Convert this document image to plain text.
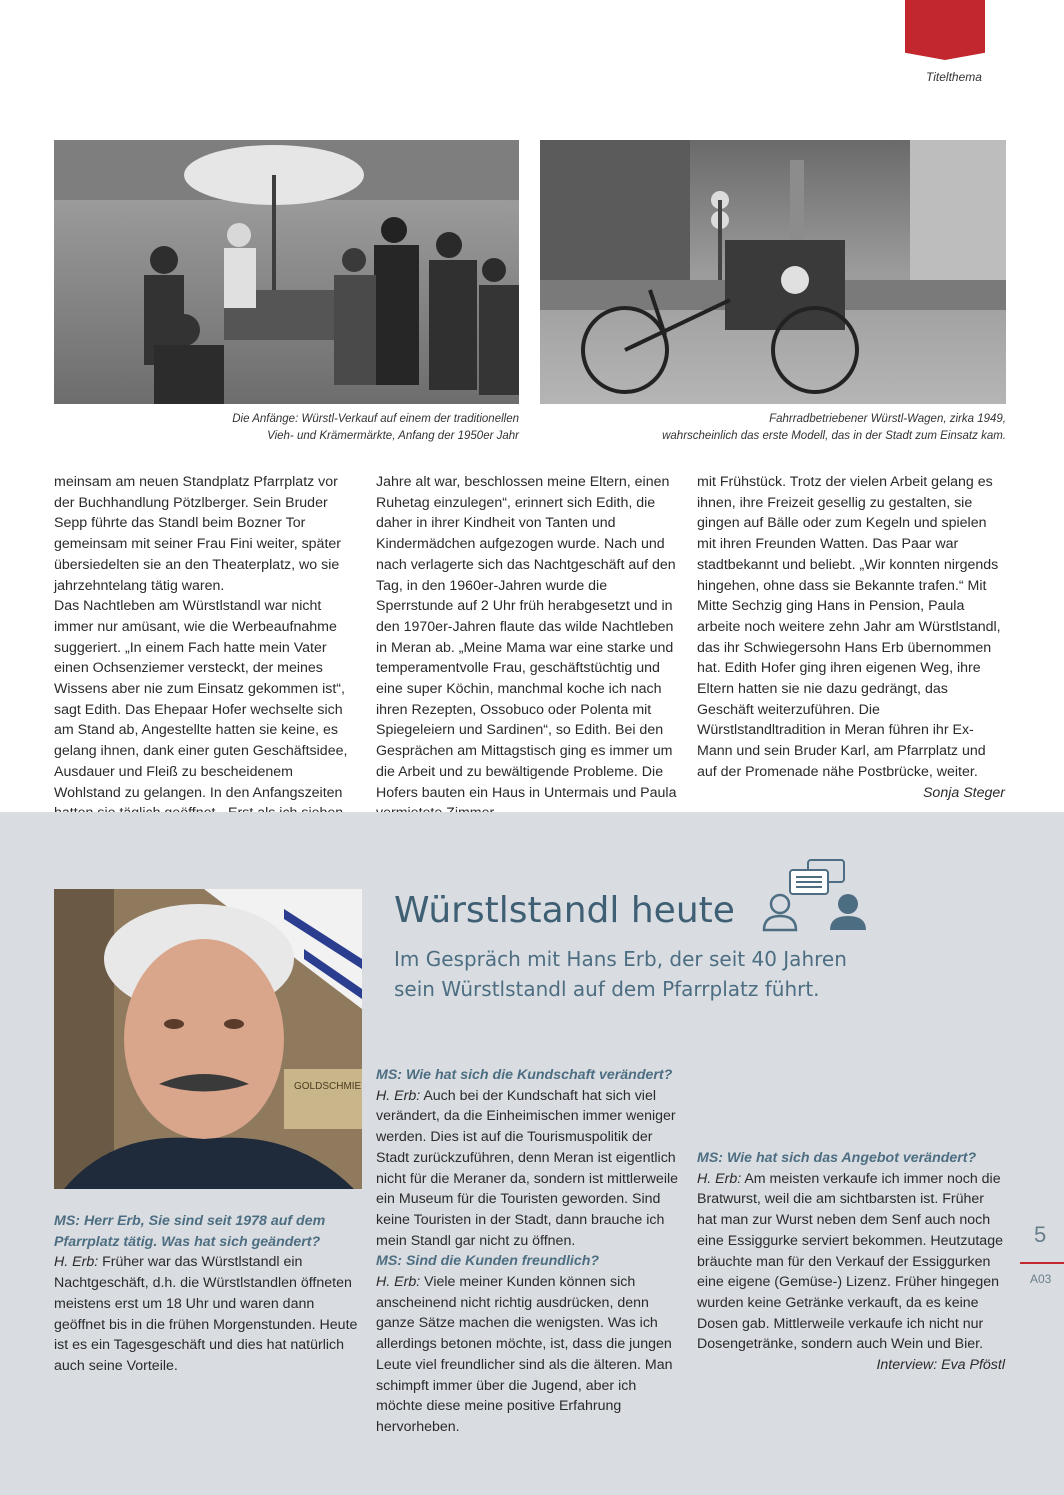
Titelthema
Die Anfänge: Würstl-Verkauf auf einem der traditionellen
Vieh- und Krämermärkte, Anfang der 1950er Jahr
Fahrradbetriebener Würstl-Wagen, zirka 1949,
wahrscheinlich das erste Modell, das in der Stadt zum Einsatz kam.

meinsam am neuen Standplatz Pfarrplatz vor der Buchhandlung Pötzlberger. Sein Bruder Sepp führte das Standl beim Bozner Tor gemeinsam mit seiner Frau Fini weiter, später übersiedelten sie an den Theaterplatz, wo sie jahrzehntelang tätig waren.

Das Nachtleben am Würstlstandl war nicht immer nur amüsant, wie die Werbeaufnahme suggeriert. „In einem Fach hatte mein Vater einen Ochsenziemer versteckt, der meines Wissens aber nie zum Einsatz gekommen ist“, sagt Edith. Das Ehepaar Hofer wechselte sich am Stand ab, Angestellte hatten sie keine, es gelang ihnen, dank einer guten Geschäftsidee, Ausdauer und Fleiß zu bescheidenem Wohlstand zu gelangen. In den Anfangszeiten

Jahre alt war, beschlossen meine Eltern, einen Ruhetag einzulegen“, erinnert sich Edith, die daher in ihrer Kindheit von Tanten und Kindermädchen aufgezogen wurde. Nach und nach verlagerte sich das Nachtgeschäft auf den Tag, in den 1960er-Jahren wurde die Sperrstunde auf 2 Uhr früh herabgesetzt und in den 1970er-Jahren flaute das wilde Nachtleben in Meran ab. „Meine Mama war eine starke und temperamentvolle Frau, geschäftstüchtig und eine super Köchin, manchmal koche ich nach ihren Rezepten, Ossobuco oder Polenta mit Spiegeleiern und Sardinen“, so Edith. Bei den Gesprächen am Mittagstisch ging es immer um die Arbeit und zu bewältigende Probleme. Die Hofers bauten ein Haus in Untermais und Paula

mit Frühstück. Trotz der vielen Arbeit gelang es ihnen, ihre Freizeit gesellig zu gestalten, sie gingen auf Bälle oder zum Kegeln und spielen mit ihren Freunden Watten. Das Paar war stadtbekannt und beliebt. „Wir konnten nirgends hingehen, ohne dass sie Bekannte trafen.“ Mit Mitte Sechzig ging Hans in Pension, Paula arbeite noch weitere zehn Jahr am Würstlstandl, das ihr Schwiegersohn Hans Erb übernommen hat. Edith Hofer ging ihren eigenen Weg, ihre Eltern hatten sie nie dazu gedrängt, das Geschäft weiterzuführen. Die Würstlstandltradition in Meran führen ihr Ex-Mann und sein Bruder Karl, am Pfarrplatz und auf der Promenade nähe Postbrücke, weiter.

Sonja Steger

GOLDSCHMIE
Würstlstandl heute
Im Gespräch mit Hans Erb, der seit 40 Jahren sein Würstlstandl auf dem Pfarrplatz führt.

MS: Herr Erb, Sie sind seit 1978 auf dem Pfarrplatz tätig. Was hat sich geändert?
H. Erb: Früher war das Würstlstandl ein Nachtgeschäft, d.h. die Würstlstandlen öffneten meistens erst um 18 Uhr und waren dann geöffnet bis in die frühen Morgenstunden. Heute ist es ein Tagesgeschäft und dies hat natürlich auch seine Vorteile.

MS: Wie hat sich die Kundschaft verändert?
H. Erb: Auch bei der Kundschaft hat sich viel verändert, da die Einheimischen immer weniger werden. Dies ist auf die Tourismuspolitik der Stadt zurückzuführen, denn Meran ist eigentlich nicht für die Meraner da, sondern ist mittlerweile ein Museum für die Touristen geworden. Sind keine Touristen in der Stadt, dann brauche ich mein Standl gar nicht zu öffnen.

MS: Sind die Kunden freundlich?
H. Erb: Viele meiner Kunden können sich anscheinend nicht richtig ausdrücken, denn ganze Sätze machen die wenigsten. Was ich allerdings betonen möchte, ist, dass die jungen Leute viel freundlicher sind als die älteren. Man schimpft immer über die Jugend, aber ich möchte diese meine positive Erfahrung hervorheben.

MS: Wie hat sich das Angebot verändert?
H. Erb: Am meisten verkaufe ich immer noch die Bratwurst, weil die am sichtbarsten ist. Früher hat man zur Wurst neben dem Senf auch noch eine Essiggurke serviert bekommen. Heutzutage bräuchte man für den Verkauf der Essiggurken eine eigene (Gemüse-) Lizenz. Früher hingegen wurden keine Getränke verkauft, da es keine Dosen gab. Mittlerweile verkaufe ich nicht nur Dosengetränke, sondern auch Wein und Bier.

Interview: Eva Pföstl

5
A03
